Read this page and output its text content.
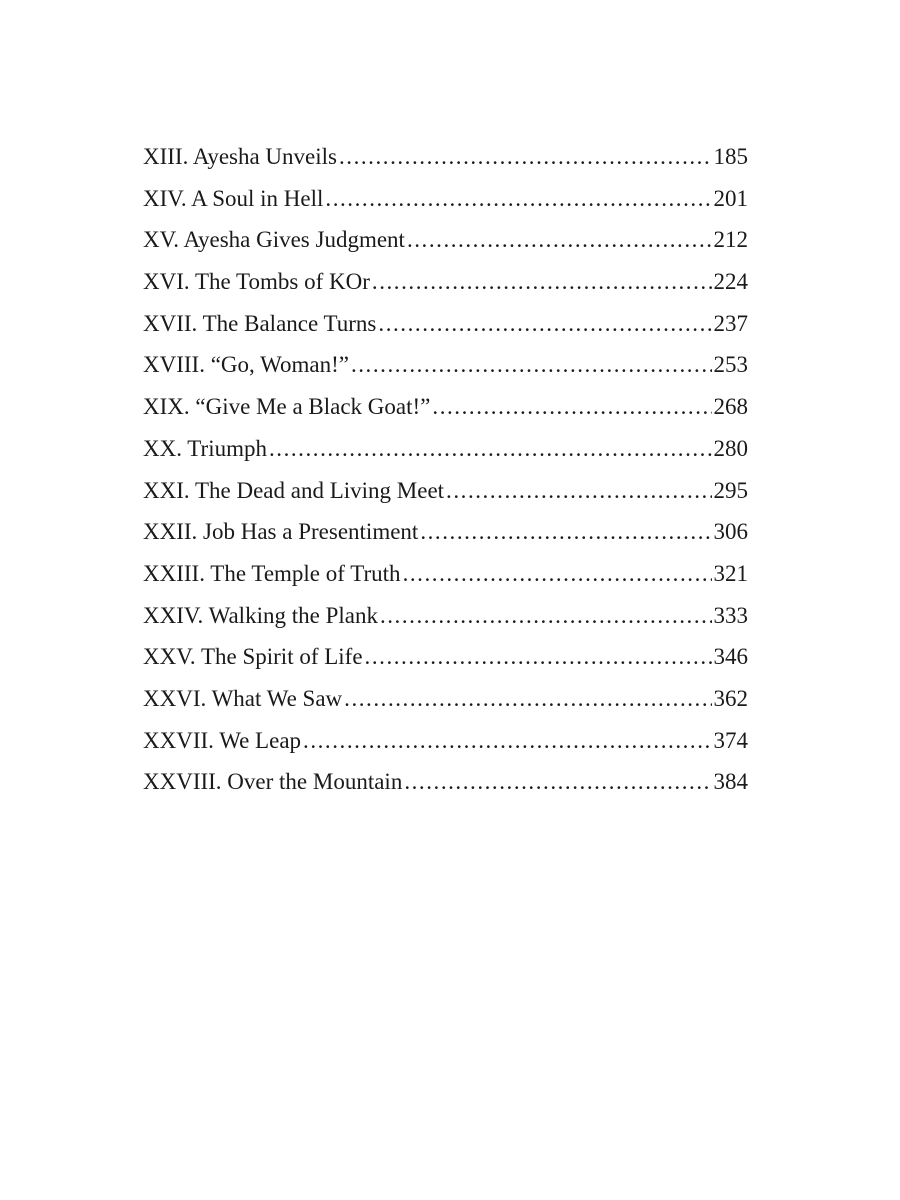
XIII. Ayesha Unveils . . .	185
XIV. A Soul in Hell . . .	201
XV. Ayesha Gives Judgment . . .	212
XVI. The Tombs of KOr . . .	224
XVII. The Balance Turns . . .	237
XVIII. “Go, Woman!” . . .	253
XIX. “Give Me a Black Goat!” . . .	268
XX. Triumph . . .	280
XXI. The Dead and Living Meet . . .	295
XXII. Job Has a Presentiment . . .	306
XXIII. The Temple of Truth . . .	321
XXIV. Walking the Plank . . .	333
XXV. The Spirit of Life . . .	346
XXVI. What We Saw . . .	362
XXVII. We Leap . . .	374
XXVIII. Over the Mountain . . .	384
